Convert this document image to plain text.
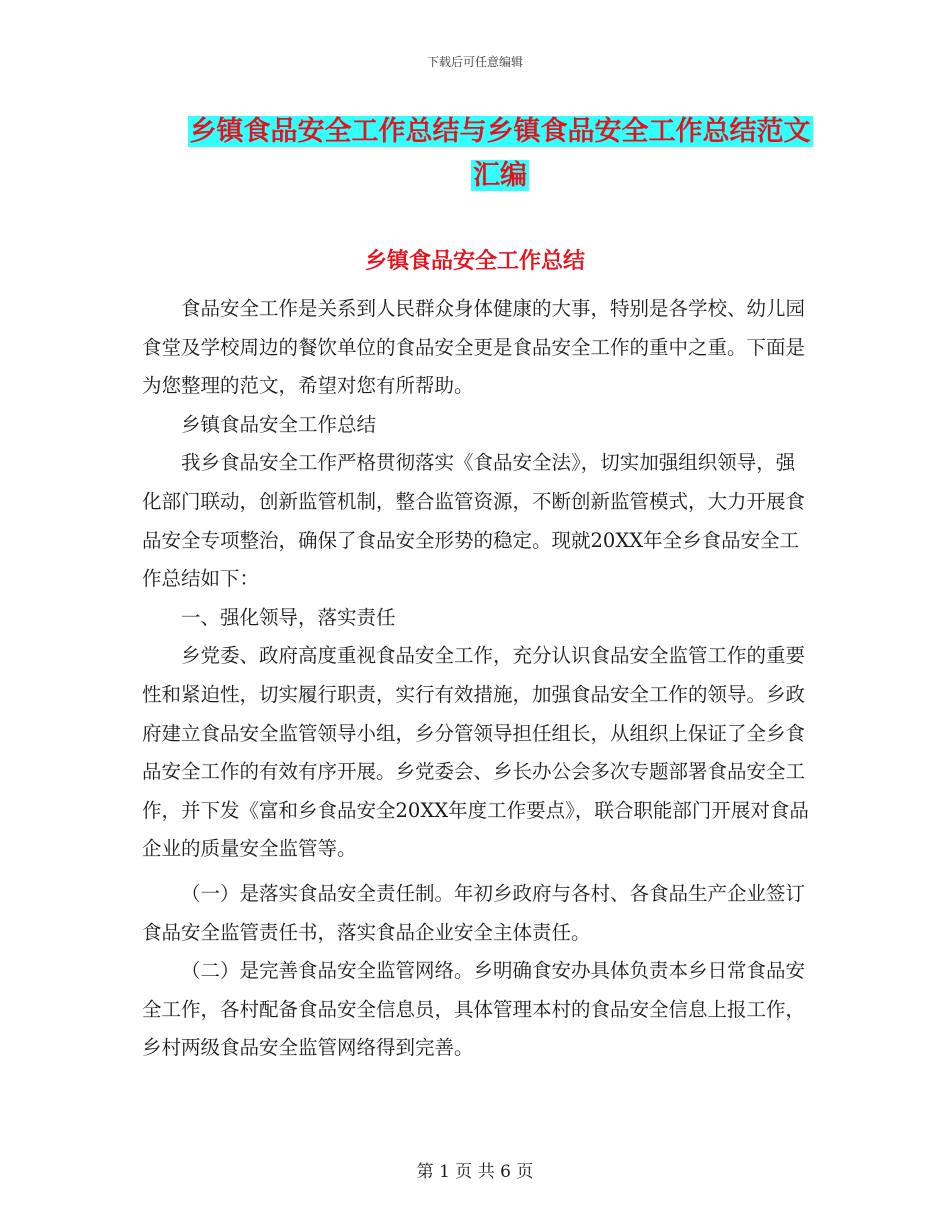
下载后可任意编辑
乡镇食品安全工作总结与乡镇食品安全工作总结范文
汇编
乡镇食品安全工作总结

食品安全工作是关系到人民群众身体健康的大事，特别是各学校、幼儿园食堂及学校周边的餐饮单位的食品安全更是食品安全工作的重中之重。下面是为您整理的范文，希望对您有所帮助。

乡镇食品安全工作总结

我乡食品安全工作严格贯彻落实《食品安全法》，切实加强组织领导，强化部门联动，创新监管机制，整合监管资源，不断创新监管模式，大力开展食品安全专项整治，确保了食品安全形势的稳定。现就20XX年全乡食品安全工作总结如下：

一、强化领导，落实责任

乡党委、政府高度重视食品安全工作，充分认识食品安全监管工作的重要性和紧迫性，切实履行职责，实行有效措施，加强食品安全工作的领导。乡政府建立食品安全监管领导小组，乡分管领导担任组长，从组织上保证了全乡食品安全工作的有效有序开展。乡党委会、乡长办公会多次专题部署食品安全工作，并下发《富和乡食品安全20XX年度工作要点》，联合职能部门开展对食品企业的质量安全监管等。

（一）是落实食品安全责任制。年初乡政府与各村、各食品生产企业签订食品安全监管责任书，落实食品企业安全主体责任。

（二）是完善食品安全监管网络。乡明确食安办具体负责本乡日常食品安全工作，各村配备食品安全信息员，具体管理本村的食品安全信息上报工作，乡村两级食品安全监管网络得到完善。

第 1 页 共 6 页
